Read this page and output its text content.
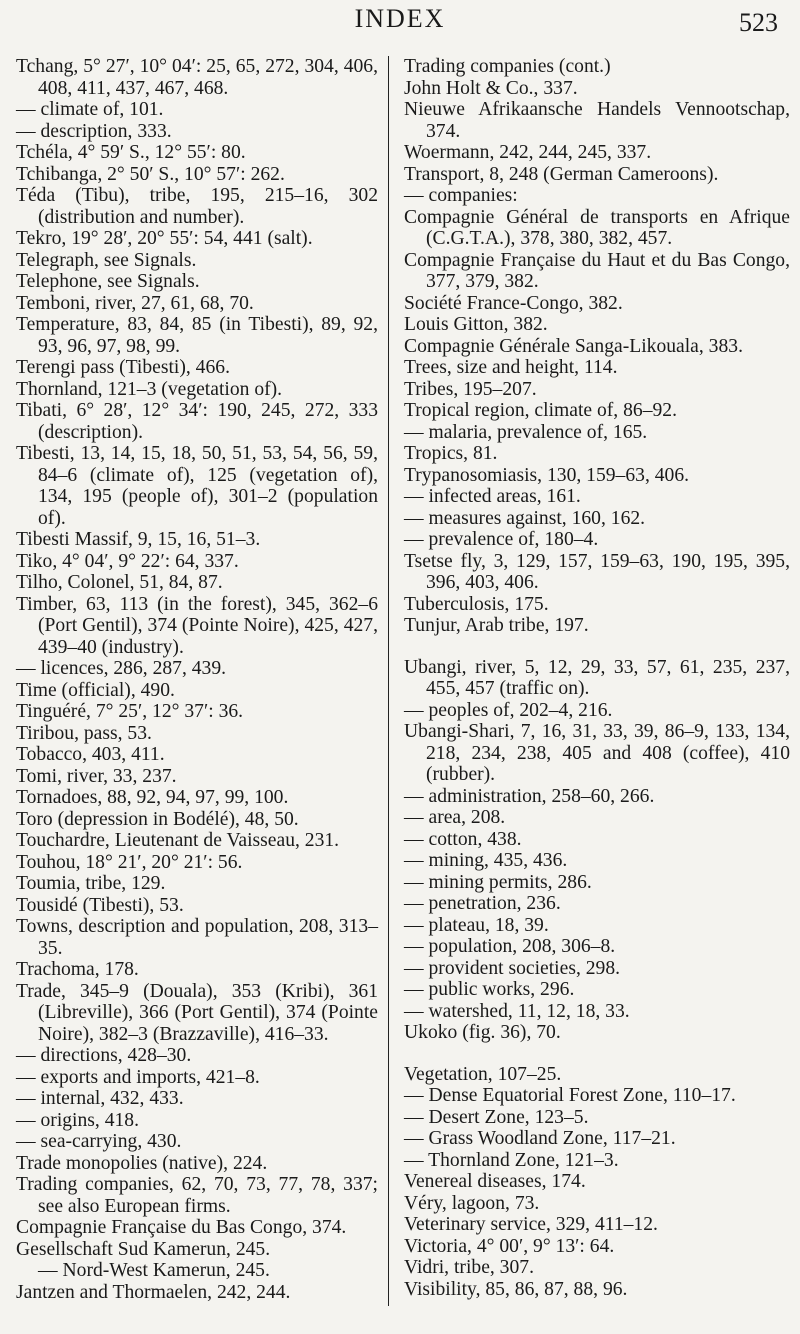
INDEX	523

Tchang, 5° 27′, 10° 04′: 25, 65, 272, 304, 406, 408, 411, 437, 467, 468.

— climate of, 101.

— description, 333.

Tchéla, 4° 59′ S., 12° 55′: 80.

Tchibanga, 2° 50′ S., 10° 57′: 262.

Téda (Tibu), tribe, 195, 215–16, 302 (distribution and number).

Tekro, 19° 28′, 20° 55′: 54, 441 (salt).

Telegraph, see Signals.

Telephone, see Signals.

Temboni, river, 27, 61, 68, 70.

Temperature, 83, 84, 85 (in Tibesti), 89, 92, 93, 96, 97, 98, 99.

Terengi pass (Tibesti), 466.

Thornland, 121–3 (vegetation of).

Tibati, 6° 28′, 12° 34′: 190, 245, 272, 333 (description).

Tibesti, 13, 14, 15, 18, 50, 51, 53, 54, 56, 59, 84–6 (climate of), 125 (vegetation of), 134, 195 (people of), 301–2 (population of).

Tibesti Massif, 9, 15, 16, 51–3.

Tiko, 4° 04′, 9° 22′: 64, 337.

Tilho, Colonel, 51, 84, 87.

Timber, 63, 113 (in the forest), 345, 362–6 (Port Gentil), 374 (Pointe Noire), 425, 427, 439–40 (industry).

— licences, 286, 287, 439.

Time (official), 490.

Tinguéré, 7° 25′, 12° 37′: 36.

Tiribou, pass, 53.

Tobacco, 403, 411.

Tomi, river, 33, 237.

Tornadoes, 88, 92, 94, 97, 99, 100.

Toro (depression in Bodélé), 48, 50.

Touchardre, Lieutenant de Vaisseau, 231.

Touhou, 18° 21′, 20° 21′: 56.

Toumia, tribe, 129.

Tousidé (Tibesti), 53.

Towns, description and population, 208, 313–35.

Trachoma, 178.

Trade, 345–9 (Douala), 353 (Kribi), 361 (Libreville), 366 (Port Gentil), 374 (Pointe Noire), 382–3 (Brazzaville), 416–33.

— directions, 428–30.

— exports and imports, 421–8.

— internal, 432, 433.

— origins, 418.

— sea-carrying, 430.

Trade monopolies (native), 224.

Trading companies, 62, 70, 73, 77, 78, 337; see also European firms.

Compagnie Française du Bas Congo, 374.

Gesellschaft Sud Kamerun, 245.

— Nord-West Kamerun, 245.

Jantzen and Thormaelen, 242, 244.

Trading companies (cont.)

John Holt & Co., 337.

Nieuwe Afrikaansche Handels Vennootschap, 374.

Woermann, 242, 244, 245, 337.

Transport, 8, 248 (German Cameroons).

— companies:

Compagnie Général de transports en Afrique (C.G.T.A.), 378, 380, 382, 457.

Compagnie Française du Haut et du Bas Congo, 377, 379, 382.

Société France-Congo, 382.

Louis Gitton, 382.

Compagnie Générale Sanga-Likouala, 383.

Trees, size and height, 114.

Tribes, 195–207.

Tropical region, climate of, 86–92.

— malaria, prevalence of, 165.

Tropics, 81.

Trypanosomiasis, 130, 159–63, 406.

— infected areas, 161.

— measures against, 160, 162.

— prevalence of, 180–4.

Tsetse fly, 3, 129, 157, 159–63, 190, 195, 395, 396, 403, 406.

Tuberculosis, 175.

Tunjur, Arab tribe, 197.

Ubangi, river, 5, 12, 29, 33, 57, 61, 235, 237, 455, 457 (traffic on).

— peoples of, 202–4, 216.

Ubangi-Shari, 7, 16, 31, 33, 39, 86–9, 133, 134, 218, 234, 238, 405 and 408 (coffee), 410 (rubber).

— administration, 258–60, 266.

— area, 208.

— cotton, 438.

— mining, 435, 436.

— mining permits, 286.

— penetration, 236.

— plateau, 18, 39.

— population, 208, 306–8.

— provident societies, 298.

— public works, 296.

— watershed, 11, 12, 18, 33.

Ukoko (fig. 36), 70.

Vegetation, 107–25.

— Dense Equatorial Forest Zone, 110–17.

— Desert Zone, 123–5.

— Grass Woodland Zone, 117–21.

— Thornland Zone, 121–3.

Venereal diseases, 174.

Véry, lagoon, 73.

Veterinary service, 329, 411–12.

Victoria, 4° 00′, 9° 13′: 64.

Vidri, tribe, 307.

Visibility, 85, 86, 87, 88, 96.
